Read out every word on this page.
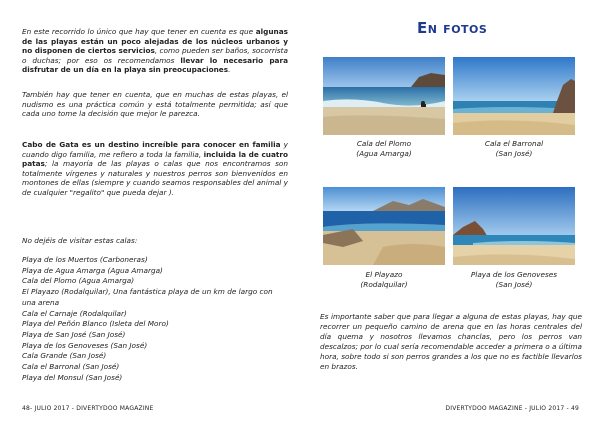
En este recorrido lo único que hay que tener en cuenta es que algunas de las playas están un poco alejadas de los núcleos urbanos y no disponen de ciertos servicios, como pueden ser baños, socorrista o duchas; por eso os recomendamos llevar lo necesario para disfrutar de un día en la playa sin preocupaciones.

También hay que tener en cuenta, que en muchas de estas playas, el nudismo es una práctica común y está totalmente permitida; así que cada uno tome la decisión que mejor le parezca.

Cabo de Gata es un destino increíble para conocer en familia y cuando digo familia, me refiero a toda la familia, incluida la de cuatro patas; la mayoría de las playas o calas que nos encontramos son totalmente vírgenes y naturales y nuestros perros son bienvenidos en montones de ellas (siempre y cuando seamos responsables del animal y de cualquier "regalito" que pueda dejar ).

No dejéis de visitar estas calas:
Playa de los Muertos (Carboneras)
Playa de Agua Amarga (Agua Amarga)
Cala del Plomo (Agua Amarga)
El Playazo (Rodalquilar), Una fantástica playa de un km de largo con una arena
Cala el Carnaje (Rodalquilar)
Playa del Peñón Blanco (Isleta del Moro)
Playa de San José (San José)
Playa de los Genoveses (San José)
Cala Grande (San José)
Cala el Barronal (San José)
Playa del Monsul (San José)
48- JULIO 2017 - DIVERTYDOO MAGAZINE
En fotos
Cala del Plomo
(Agua Amarga)
Cala el Barronal
(San José)
El Playazo
(Rodalquilar)
Playa de los Genoveses
(San José)

Es importante saber que para llegar a alguna de estas playas, hay que recorrer un pequeño camino de arena que en las horas centrales del día quema y nosotros llevamos chanclas, pero los perros van descalzos; por lo cual sería recomendable acceder a primera o a última hora, sobre todo si son perros grandes a los que no es factible llevarlos en brazos.

DIVERTYDOO MAGAZINE - JULIO 2017 - 49
